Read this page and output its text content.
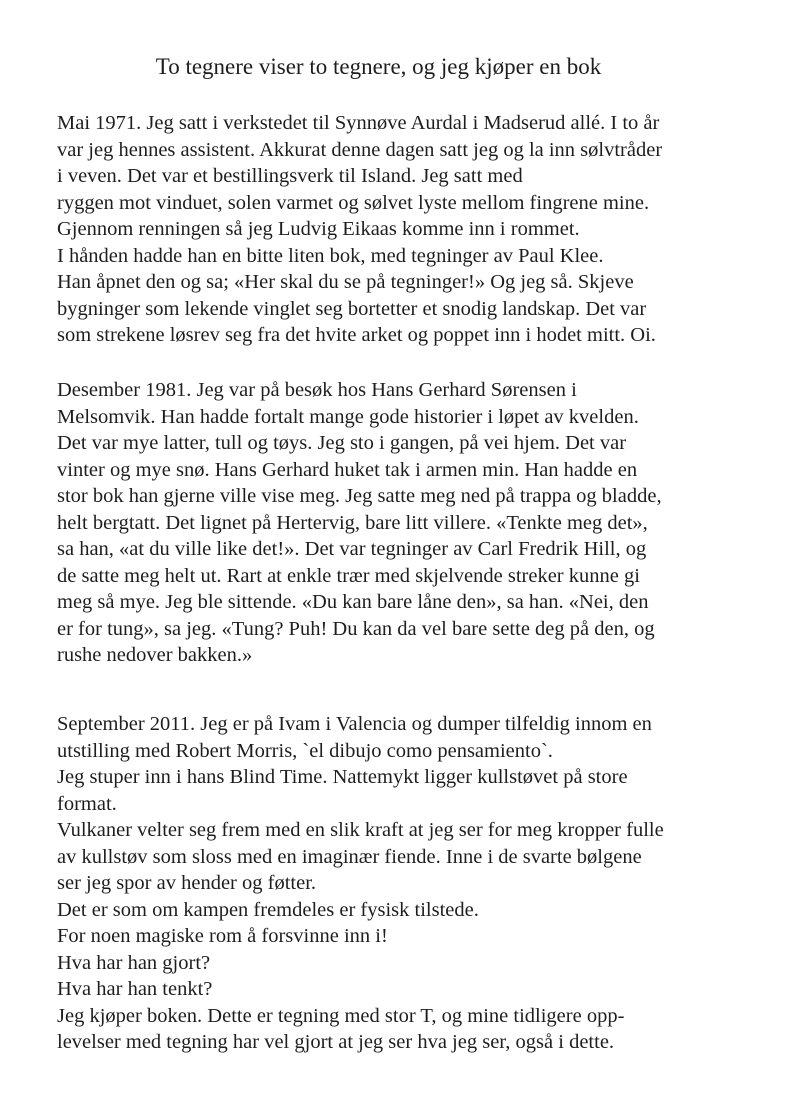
To tegnere viser to tegnere, og jeg kjøper en bok
Mai 1971. Jeg satt i verkstedet til Synnøve Aurdal i Madserud allé. I to år
var jeg hennes assistent. Akkurat denne dagen satt jeg og la inn sølvtråder
i veven. Det var et bestillingsverk til Island. Jeg satt med
ryggen mot vinduet, solen varmet og sølvet lyste mellom fingrene mine.
Gjennom renningen så jeg Ludvig Eikaas komme inn i rommet.
I hånden hadde han en bitte liten bok, med tegninger av Paul Klee.
Han åpnet den og sa; «Her skal du se på tegninger!» Og jeg så. Skjeve
bygninger som lekende vinglet seg bortetter et snodig landskap. Det var
som strekene løsrev seg fra det hvite arket og poppet inn i hodet mitt. Oi.
Desember 1981. Jeg var på besøk hos Hans Gerhard Sørensen i
Melsomvik. Han hadde fortalt mange gode historier i løpet av kvelden.
Det var mye latter, tull og tøys. Jeg sto i gangen, på vei hjem. Det var
vinter og mye snø. Hans Gerhard huket tak i armen min. Han hadde en
stor bok han gjerne ville vise meg. Jeg satte meg ned på trappa og bladde,
helt bergtatt. Det lignet på Hertervig, bare litt villere. «Tenkte meg det»,
sa han, «at du ville like det!». Det var tegninger av Carl Fredrik Hill, og
de satte meg helt ut. Rart at enkle trær med skjelvende streker kunne gi
meg så mye. Jeg ble sittende. «Du kan bare låne den», sa han. «Nei, den
er for tung», sa jeg. «Tung? Puh! Du kan da vel bare sette deg på den, og
rushe nedover bakken.»
September 2011. Jeg er på Ivam i Valencia og dumper tilfeldig innom en
utstilling med Robert Morris, `el dibujo como pensamiento`.
Jeg stuper inn i hans Blind Time. Nattemykt ligger kullstøvet på store
format.
Vulkaner velter seg frem med en slik kraft at jeg ser for meg kropper fulle
av kullstøv som sloss med en imaginær fiende. Inne i de svarte bølgene
ser jeg spor av hender og føtter.
Det er som om kampen fremdeles er fysisk tilstede.
For noen magiske rom å forsvinne inn i!
Hva har han gjort?
Hva har han tenkt?
Jeg kjøper boken. Dette er tegning med stor T, og mine tidligere opp-
levelser med tegning har vel gjort at jeg ser hva jeg ser, også i dette.
